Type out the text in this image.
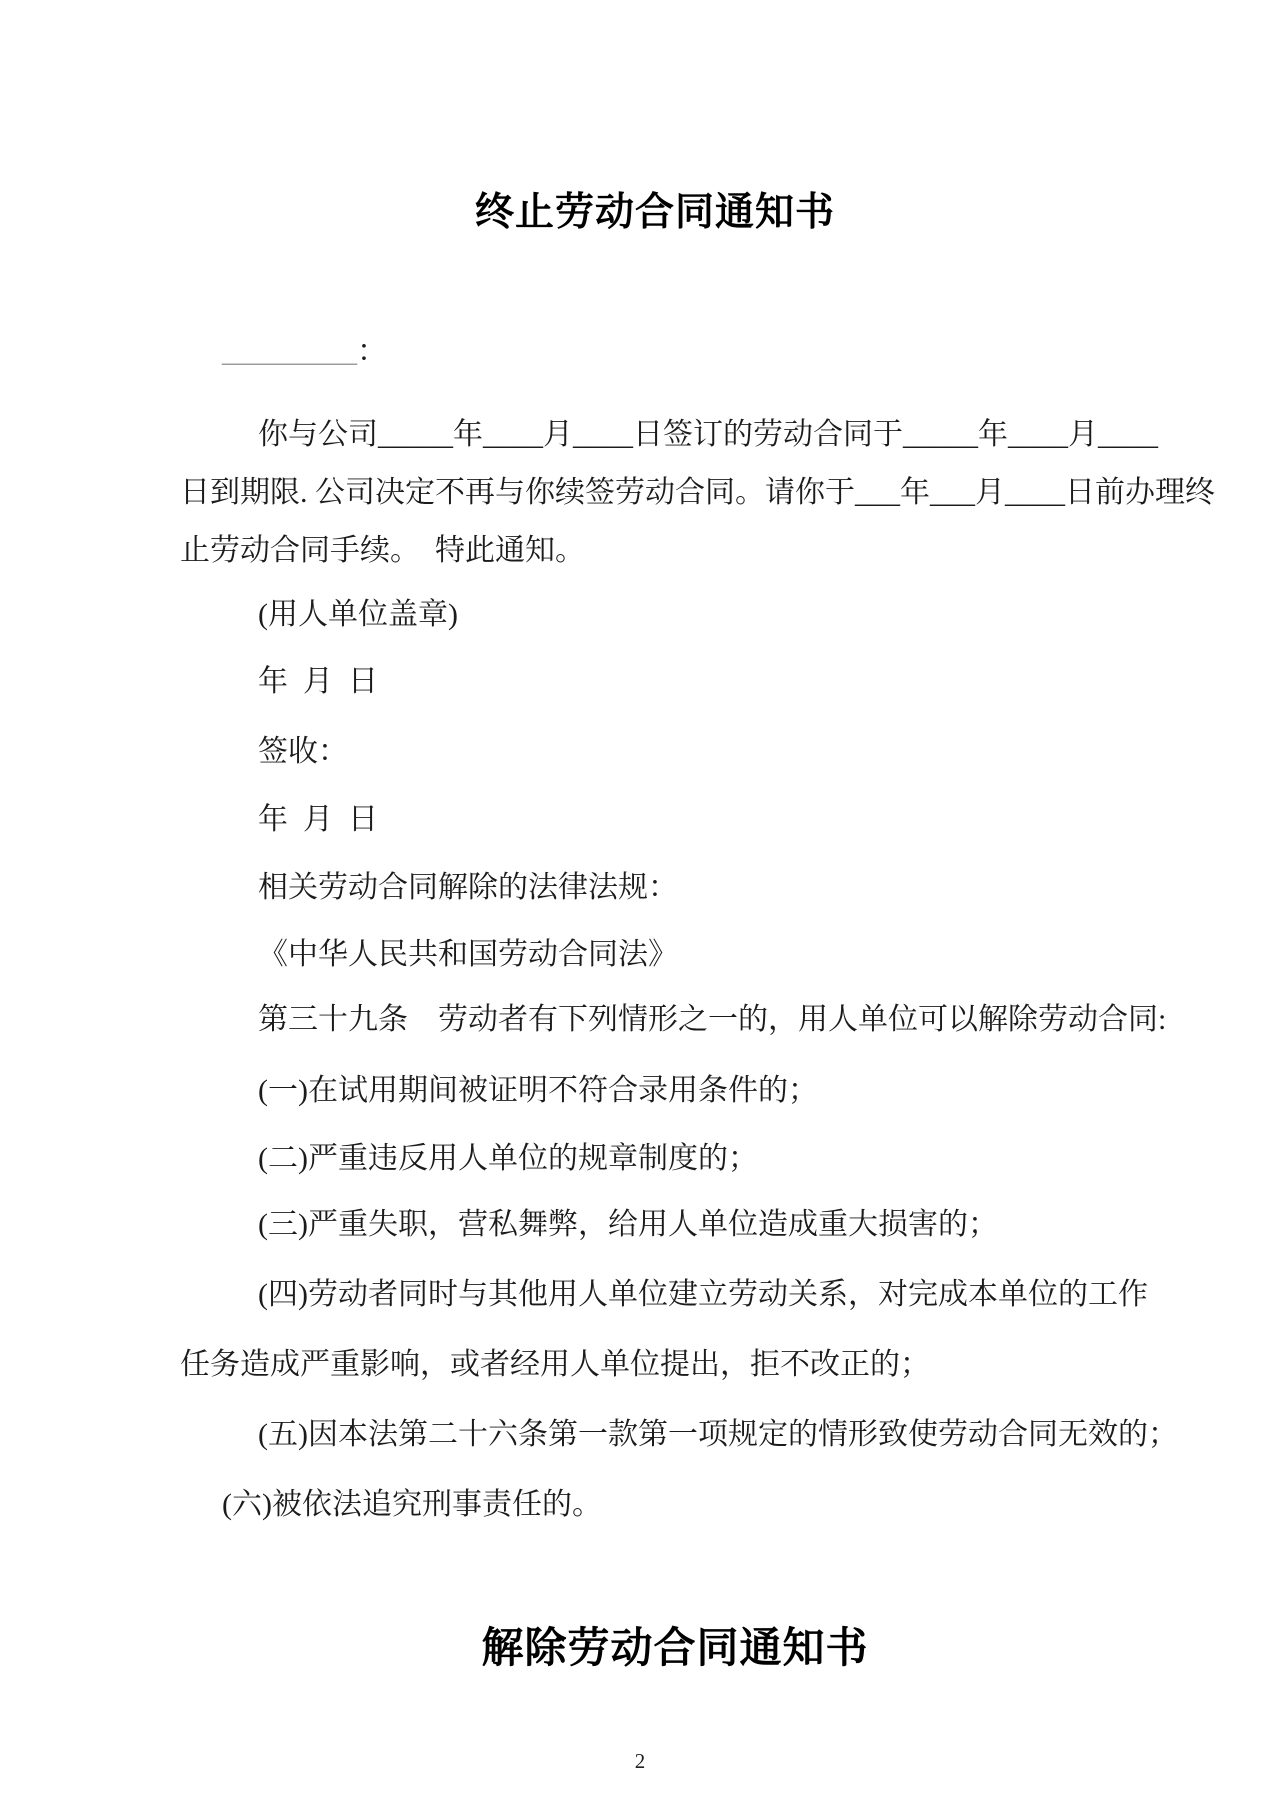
终止劳动合同通知书

_________：

你与公司_____年____月____日签订的劳动合同于_____年____月____

日到期限. 公司决定不再与你续签劳动合同。请你于___年___月____日前办理终

止劳动合同手续。  特此通知。

(用人单位盖章)

年  月  日

签收：

年  月  日

相关劳动合同解除的法律法规：

《中华人民共和国劳动合同法》

第三十九条　劳动者有下列情形之一的，用人单位可以解除劳动合同:

(一)在试用期间被证明不符合录用条件的；

(二)严重违反用人单位的规章制度的；

(三)严重失职，营私舞弊，给用人单位造成重大损害的；

(四)劳动者同时与其他用人单位建立劳动关系，对完成本单位的工作

任务造成严重影响，或者经用人单位提出，拒不改正的；

(五)因本法第二十六条第一款第一项规定的情形致使劳动合同无效的；

(六)被依法追究刑事责任的。

解除劳动合同通知书
2
